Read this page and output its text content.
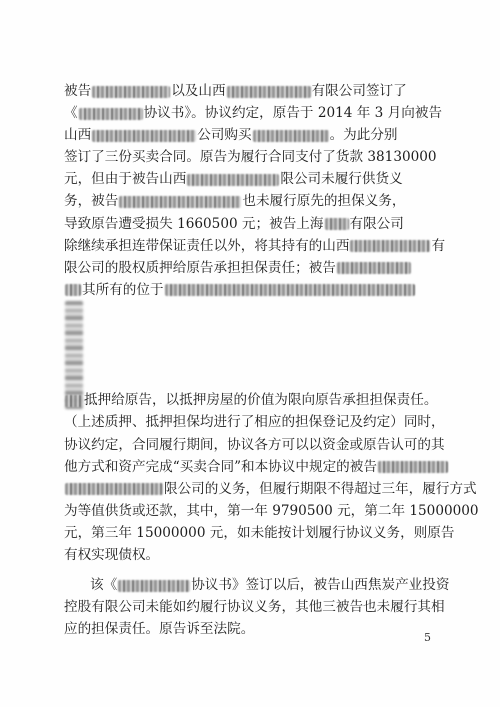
被告	以及山西	有限公司签订了
《	协议书》。协议约定，原告于 2014 年 3 月向被告
山西	公司购买	。为此分别
签订了三份买卖合同。原告为履行合同支付了货款 38130000
元，但由于被告山西	限公司未履行供货义
务，被告	也未履行原先的担保义务，
导致原告遭受损失 1660500 元；被告上海 有限公司
除继续承担连带保证责任以外，将其持有的山西	有
限公司的股权质押给原告承担担保责任；被告
其所有的位于
抵押给原告，以抵押房屋的价值为限向原告承担担保责任。
（上述质押、抵押担保均进行了相应的担保登记及约定）同时，
协议约定，合同履行期间，协议各方可以以资金或原告认可的其
他方式和资产完成“买卖合同”和本协议中规定的被告
限公司的义务，但履行期限不得超过三年，履行方式
为等值供货或还款，其中，第一年 9790500 元，第二年 15000000
元，第三年 15000000 元，如未能按计划履行协议义务，则原告
有权实现债权。
该《	协议书》签订以后，被告山西焦炭产业投资
控股有限公司未能如约履行协议义务，其他三被告也未履行其相
应的担保责任。原告诉至法院。
5
